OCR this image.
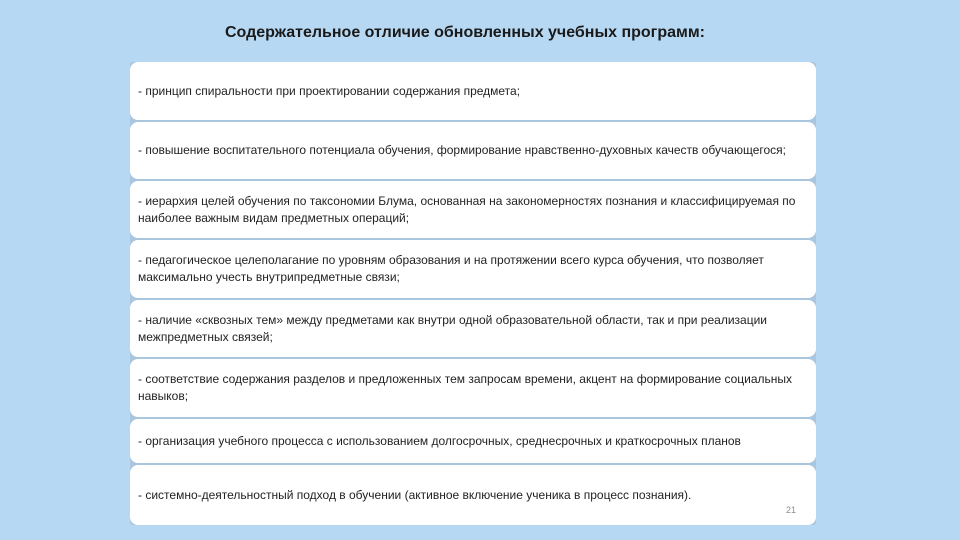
Содержательное отличие обновленных учебных программ:
- принцип спиральности при проектировании содержания предмета;
- повышение воспитательного потенциала обучения, формирование нравственно-духовных качеств обучающегося;
- иерархия целей обучения по таксономии Блума, основанная на закономерностях познания и классифицируемая по наиболее важным видам предметных операций;
- педагогическое целеполагание по уровням образования и на протяжении всего курса обучения, что позволяет максимально учесть внутрипредметные связи;
- наличие «сквозных тем» между предметами как внутри одной образовательной области, так и при реализации межпредметных связей;
- соответствие содержания разделов и предложенных тем запросам времени, акцент на формирование социальных навыков;
- организация учебного процесса с использованием долгосрочных, среднесрочных и краткосрочных планов
- системно-деятельностный подход в обучении (активное включение ученика в процесс познания).
21
